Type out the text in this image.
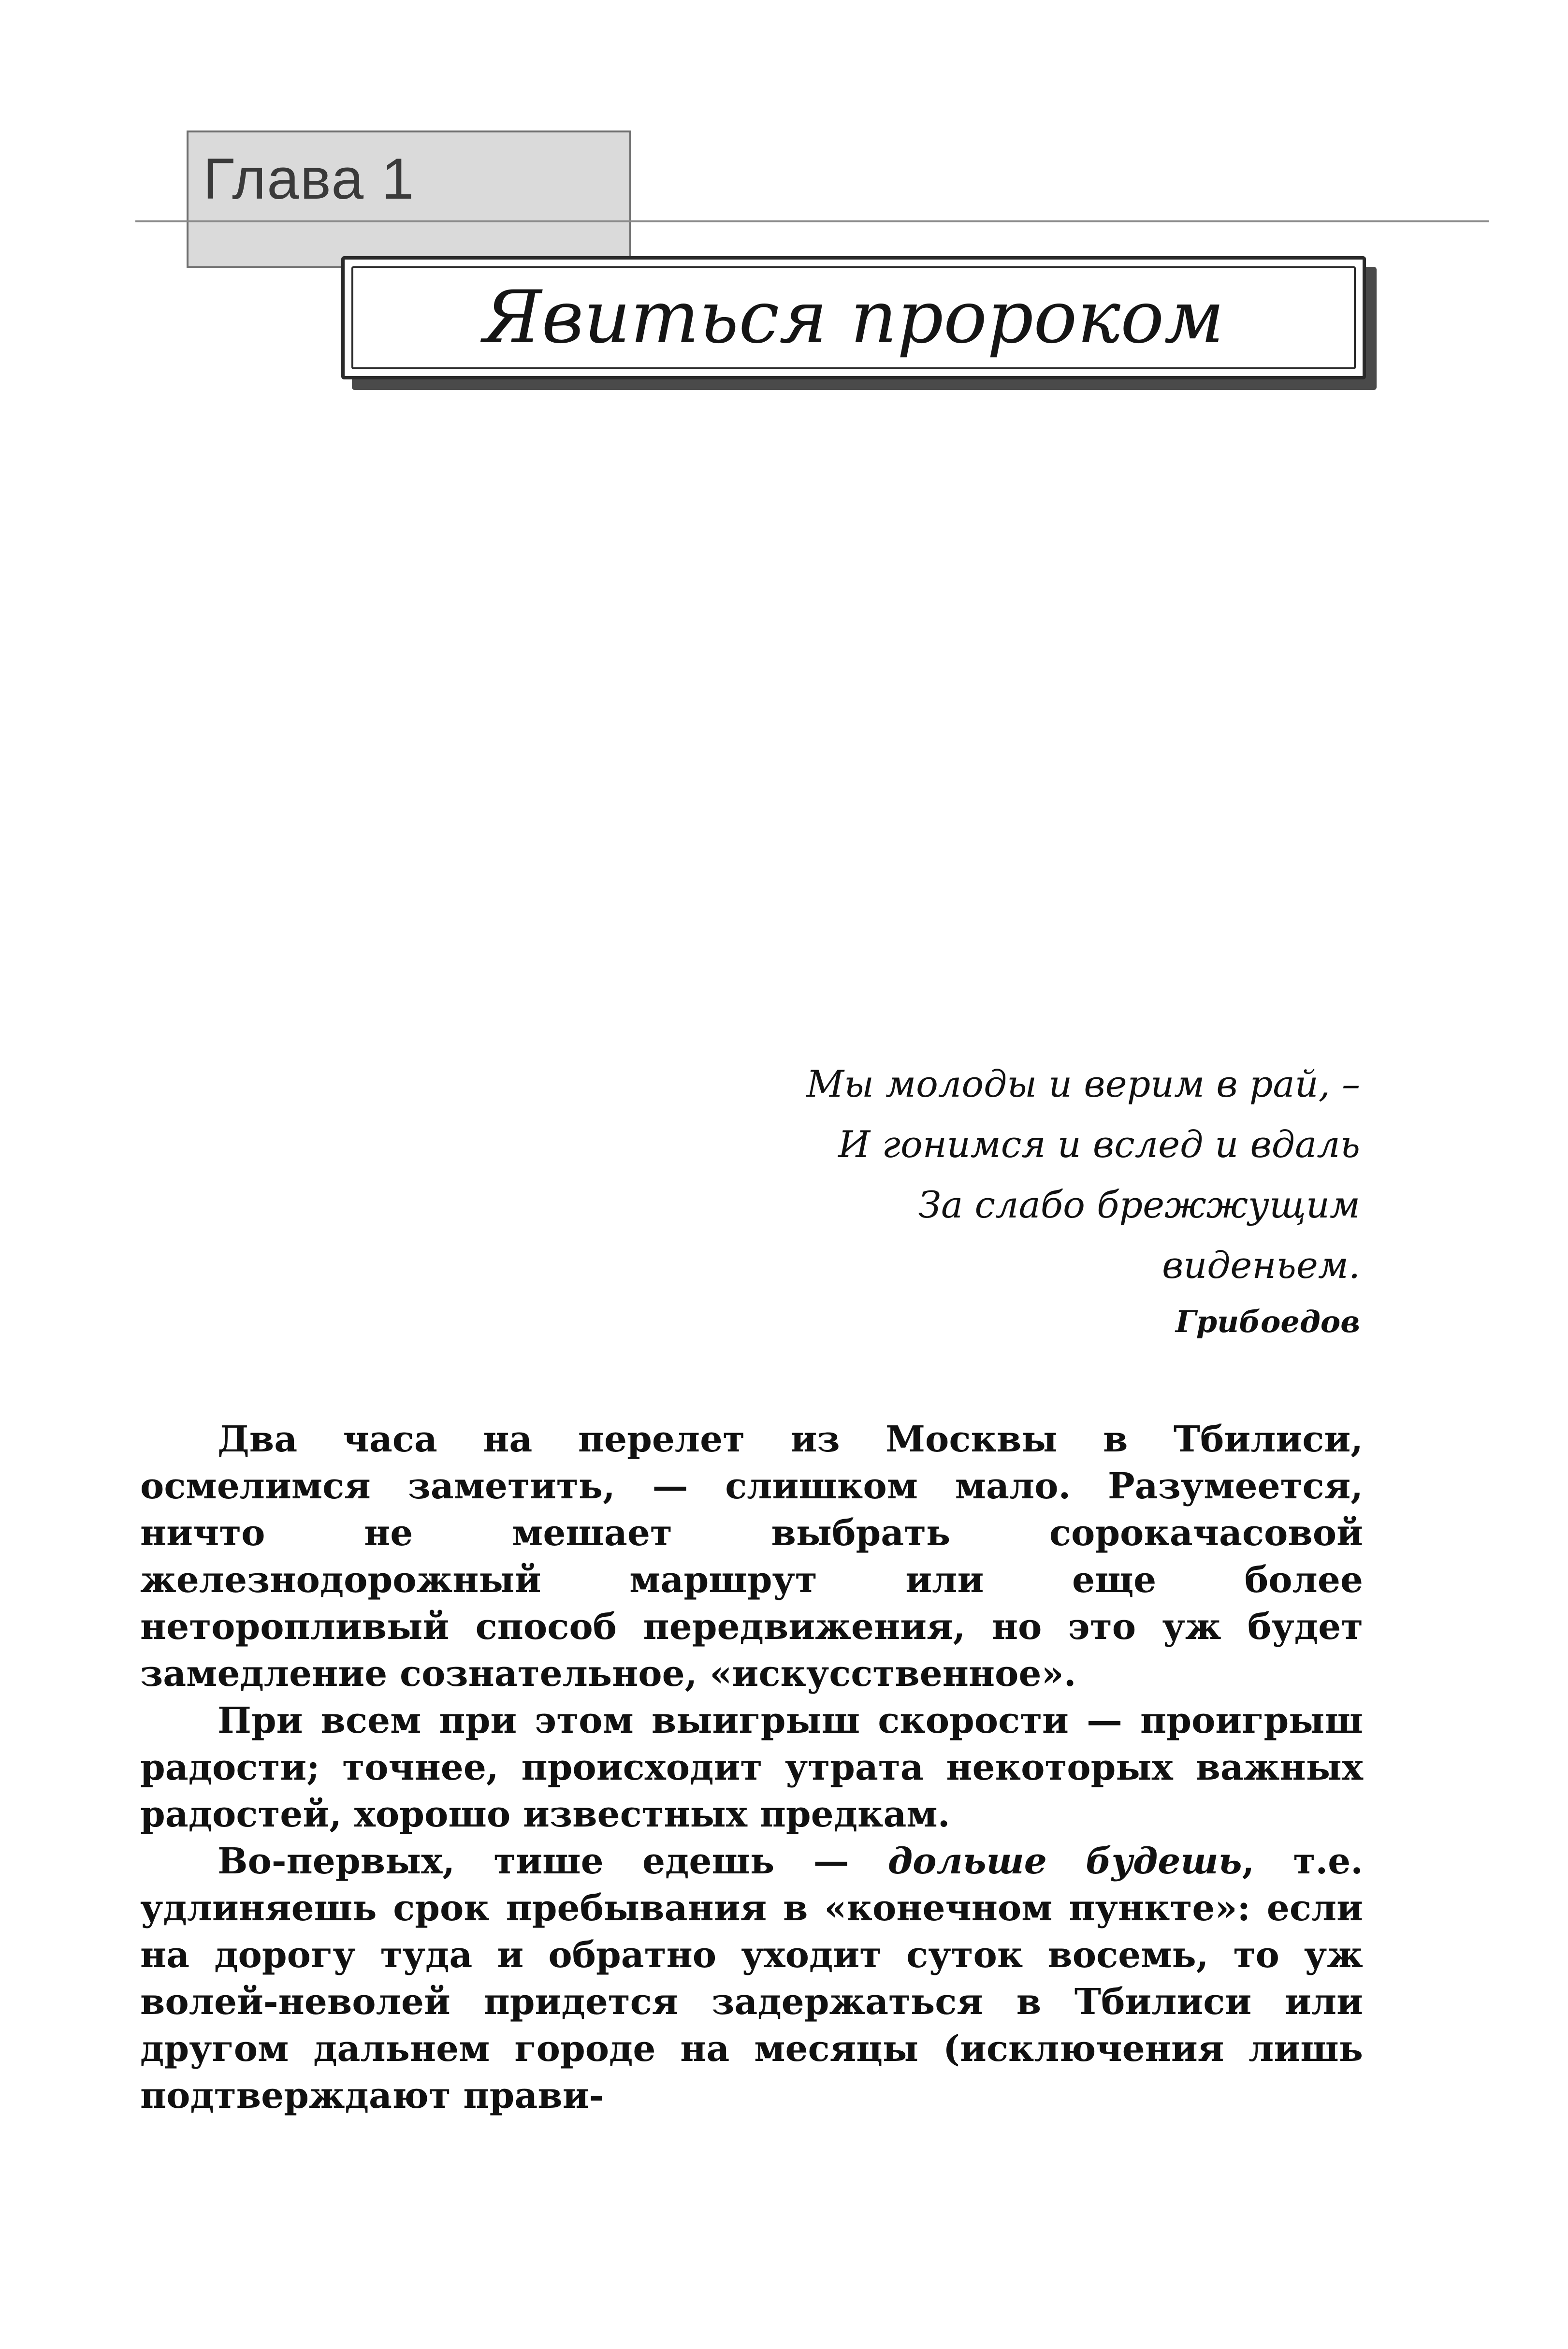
Глава 1
Явиться пророком
Мы молоды и верим в рай, –
И гонимся и вслед и вдаль
За слабо брежжущим
виденьем.
Грибоедов

Два часа на перелет из Москвы в Тбилиси, осмелимся заметить, — слишком мало. Разумеется, ничто не мешает выбрать сорокачасовой железнодорожный маршрут или еще более неторопливый способ передвижения, но это уж будет замедление сознательное, «искусственное».

При всем при этом выигрыш скорости — проигрыш радости; точнее, происходит утрата некоторых важных радостей, хорошо известных предкам.

Во-первых, тише едешь — дольше будешь, т.е. удлиняешь срок пребывания в «конечном пункте»: если на дорогу туда и обратно уходит суток восемь, то уж волей-неволей придется задержаться в Тбилиси или другом дальнем городе на месяцы (исключения лишь подтверждают прави-
